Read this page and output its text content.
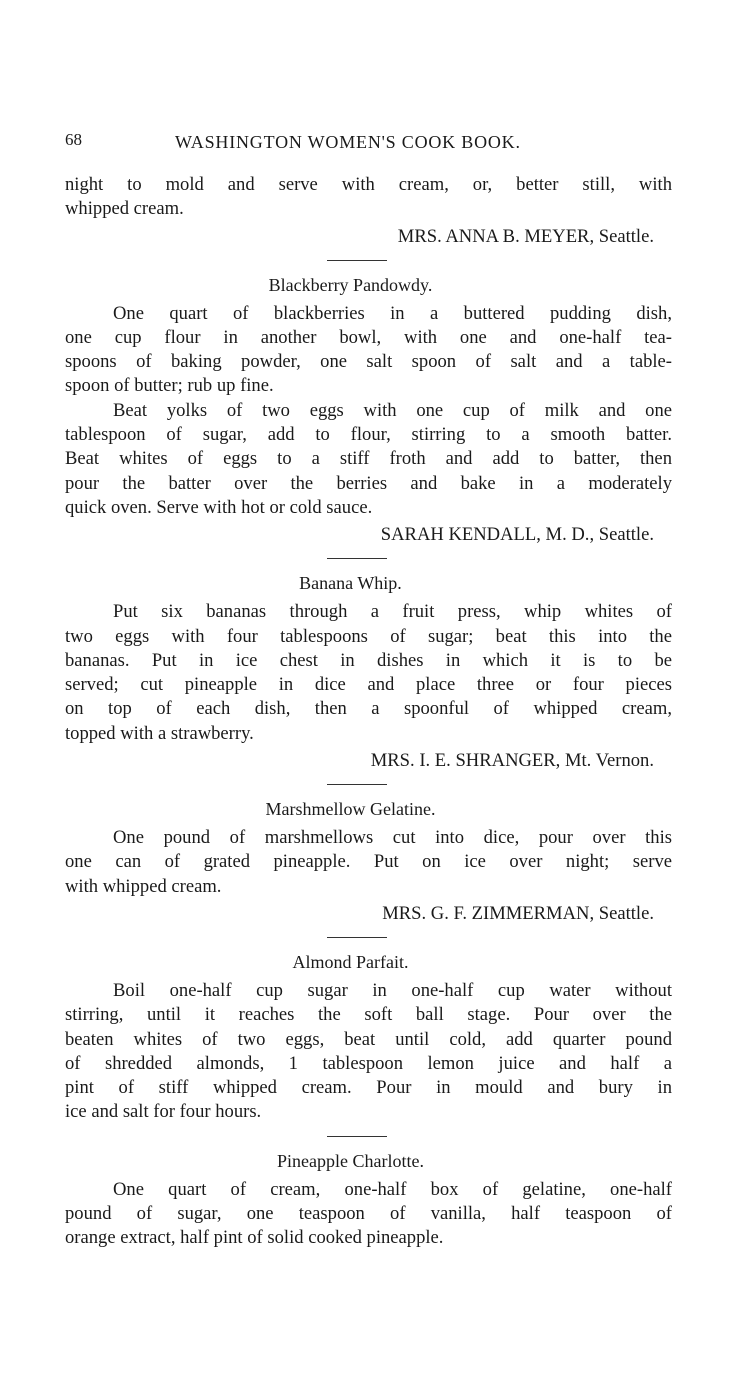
68	WASHINGTON WOMEN'S COOK BOOK.
night to mold and serve with cream, or, better still, with
whipped cream.
MRS. ANNA B. MEYER, Seattle.
Blackberry Pandowdy.
One quart of blackberries in a buttered pudding dish,
one cup flour in another bowl, with one and one-half tea-
spoons of baking powder, one salt spoon of salt and a table-
spoon of butter; rub up fine.
Beat yolks of two eggs with one cup of milk and one
tablespoon of sugar, add to flour, stirring to a smooth batter.
Beat whites of eggs to a stiff froth and add to batter, then
pour the batter over the berries and bake in a moderately
quick oven. Serve with hot or cold sauce.
SARAH KENDALL, M. D., Seattle.
Banana Whip.
Put six bananas through a fruit press, whip whites of
two eggs with four tablespoons of sugar; beat this into the
bananas. Put in ice chest in dishes in which it is to be
served; cut pineapple in dice and place three or four pieces
on top of each dish, then a spoonful of whipped cream,
topped with a strawberry.
MRS. I. E. SHRANGER, Mt. Vernon.
Marshmellow Gelatine.
One pound of marshmellows cut into dice, pour over this
one can of grated pineapple. Put on ice over night; serve
with whipped cream.
MRS. G. F. ZIMMERMAN, Seattle.
Almond Parfait.
Boil one-half cup sugar in one-half cup water without
stirring, until it reaches the soft ball stage. Pour over the
beaten whites of two eggs, beat until cold, add quarter pound
of shredded almonds, 1 tablespoon lemon juice and half a
pint of stiff whipped cream. Pour in mould and bury in
ice and salt for four hours.
Pineapple Charlotte.
One quart of cream, one-half box of gelatine, one-half
pound of sugar, one teaspoon of vanilla, half teaspoon of
orange extract, half pint of solid cooked pineapple.
